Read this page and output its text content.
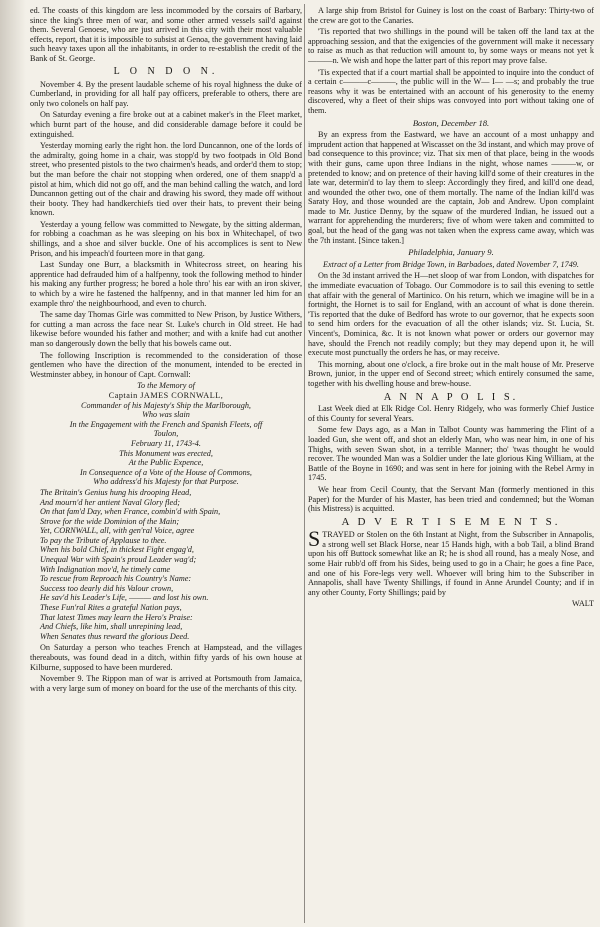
ed. The coasts of this kingdom are less incommoded by the corsairs of Barbary, since the king's three men of war, and some other armed vessels sail'd against them. Several Genoese, who are just arrived in this city with their most valuable effects, report, that it is impossible to subsist at Genoa, the government having laid such heavy taxes upon all the inhabitants, in order to re-establish the credit of the Bank of St. George.

L O N D O N.

November 4. By the present laudable scheme of his royal highness the duke of Cumberland, in providing for all half pay officers, preferable to others, there are only two colonels on half pay.

On Saturday evening a fire broke out at a cabinet maker's in the Fleet market, which burnt part of the house, and did considerable damage before it could be extinguished.

Yesterday morning early the right hon. the lord Duncannon, one of the lords of the admiralty, going home in a chair, was stopp'd by two footpads in Old Bond street, who presented pistols to the two chairmen's heads, and order'd them to stop; but the man before the chair not stopping when ordered, one of them snapp'd a pistol at him, which did not go off, and the man behind calling the watch, and lord Duncannon getting out of the chair and drawing his sword, they made off without their booty. They had handkerchiefs tied over their hats, to prevent their being known.

Yesterday a young fellow was committed to Newgate, by the sitting alderman, for robbing a coachman as he was sleeping on his box in Whitechapel, of two shillings, and a shoe and silver buckle. One of his accomplices is sent to New Prison, and his impeach'd fourteen more in that gang.

Last Sunday one Burr, a blacksmith in Whitecross street, on hearing his apprentice had defrauded him of a halfpenny, took the following method to hinder his making any further progress; he bored a hole thro' his ear with an iron skiver, to which by a wire he fastened the halfpenny, and in that manner led him for an example thro' the neighbourhood, and even to church.

The same day Thomas Girle was committed to New Prison, by Justice Withers, for cutting a man across the face near St. Luke's church in Old street. He had likewise before wounded his father and mother; and with a knife had cut another man so dangerously down the belly that his bowels came out.

The following Inscription is recommended to the consideration of those gentlemen who have the direction of the monument, intended to be erected in Westminster abbey, in honour of Capt. Cornwall:

To the Memory of

Captain JAMES CORNWALL,

Commander of his Majesty's Ship the Marlborough,

Who was slain

In the Engagement with the French and Spanish Fleets, off

Toulon,

February 11, 1743-4.

This Monument was erected,

At the Public Expence,

In Consequence of a Vote of the House of Commons,

Who address'd his Majesty for that Purpose.

The Britain's Genius hung his drooping Head,

And mourn'd her antient Naval Glory fled;

On that fam'd Day, when France, combin'd with Spain,

Strove for the wide Dominion of the Main;

Yet, CORNWALL, all, with gen'ral Voice, agree

To pay the Tribute of Applause to thee.

When his bold Chief, in thickest Fight engag'd,

Unequal War with Spain's proud Leader wag'd;

With Indignation mov'd, he timely came

To rescue from Reproach his Country's Name:

Success too dearly did his Valour crown,

He sav'd his Leader's Life, ——— and lost his own.

These Fun'ral Rites a grateful Nation pays,

That latest Times may learn the Hero's Praise:

And Chiefs, like him, shall unrepining lead,

When Senates thus reward the glorious Deed.

On Saturday a person who teaches French at Hampstead, and the villages thereabouts, was found dead in a ditch, within fifty yards of his own house at Kilburne, supposed to have been murdered.

November 9. The Rippon man of war is arrived at Portsmouth from Jamaica, with a very large sum of money on board for the use of the merchants of this city.

A large ship from Bristol for Guiney is lost on the coast of Barbary: Thirty-two of the crew are got to the Canaries.

'Tis reported that two shillings in the pound will be taken off the land tax at the approaching session, and that the exigencies of the government will make it necessary to raise as much as that reduction will amount to, by some ways or means not yet k———n. We wish and hope the latter part of this report may prove false.

'Tis expected that if a court martial shall be appointed to inquire into the conduct of a certain c———c———, the public will in the W— I— —s; and probably the true reasons why it was be entertained with an account of his generosity to the enemy discovered, why a fleet of their ships was convoyed into port without taking one of them.

Boston, December 18.

By an express from the Eastward, we have an account of a most unhappy and imprudent action that happened at Wiscasset on the 3d instant, and which may prove of bad consequence to this province; viz. That six men of that place, being in the woods with their guns, came upon three Indians in the night, whose names ———w, or pretended to know; and on pretence of their having kill'd some of their creatures in the late war, determin'd to lay them to sleep: Accordingly they fired, and kill'd one dead, and wounded the other two, one of them mortally. The name of the Indian kill'd was Saraty Hoy, and those wounded are the captain, Job and Andrew. Upon complaint made to Mr. Justice Denny, by the squaw of the murdered Indian, he issued out a warrant for apprehending the murderers; five of whom were taken and committed to goal, but the head of the gang was not taken when the express came away, which was the 7th instant. [Since taken.]

Philadelphia, January 9.

Extract of a Letter from Bridge Town, in Barbadoes, dated November 7, 1749.

On the 3d instant arrived the H—net sloop of war from London, with dispatches for the immediate evacuation of Tobago. Our Commodore is to sail this evening to settle that affair with the general of Martinico. On his return, which we imagine will be in a fortnight, the Hornet is to sail for England, with an account of what is done therein. 'Tis reported that the duke of Bedford has wrote to our governor, that he expects soon to send him orders for the evacuation of all the other islands; viz. St. Lucia, St. Vincent's, Dominica, &c. It is not known what power or orders our governor may have, should the French not readily comply; but they may depend upon it, he will execute most punctually the orders he has, or may receive.

This morning, about one o'clock, a fire broke out in the malt house of Mr. Preserve Brown, junior, in the upper end of Second street; which entirely consumed the same, together with his dwelling house and brew-house.

A N N A P O L I S.

Last Week died at Elk Ridge Col. Henry Ridgely, who was formerly Chief Justice of this County for several Years.

Some few Days ago, as a Man in Talbot County was hammering the Flint of a loaded Gun, she went off, and shot an elderly Man, who was near him, in one of his Thighs, with seven Swan shot, in a terrible Manner; tho' 'twas thought he would recover. The wounded Man was a Soldier under the late glorious King William, at the Battle of the Boyne in 1690; and was sent in here for joining with the Rebel Army in 1745.

We hear from Cecil County, that the Servant Man (formerly mentioned in this Paper) for the Murder of his Master, has been tried and condemned; but the Woman (his Mistress) is acquitted.

A D V E R T I S E M E N T S.

STRAYED or Stolen on the 6th Instant at Night, from the Subscriber in Annapolis, a strong well set Black Horse, near 15 Hands high, with a bob Tail, a blind Brand upon his off Buttock somewhat like an R; he is shod all round, has a mealy Nose, and some Hair rubb'd off from his Sides, being used to go in a Chair; he goes a fine Pace, and one of his Fore-legs very well. Whoever will bring him to the Subscriber in Annapolis, shall have Twenty Shillings, if found in Anne Arundel County; and if in any other County, Forty Shillings; paid by

WALT
